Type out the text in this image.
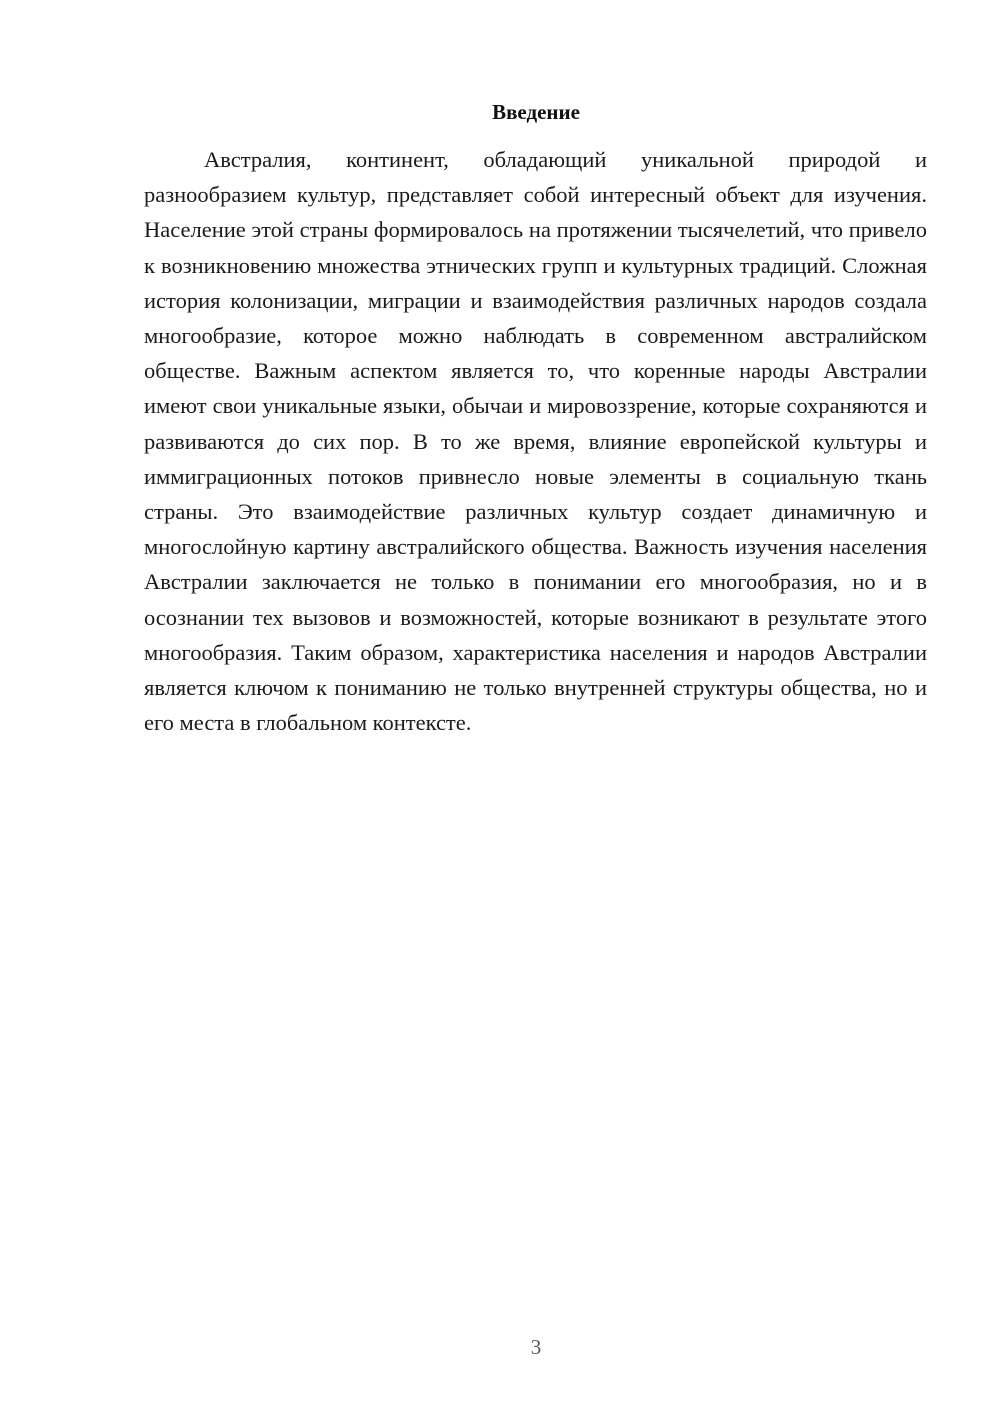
Введение

Австралия, континент, обладающий уникальной природой и разнообразием культур, представляет собой интересный объект для изучения. Население этой страны формировалось на протяжении тысячелетий, что привело к возникновению множества этнических групп и культурных традиций. Сложная история колонизации, миграции и взаимодействия различных народов создала многообразие, которое можно наблюдать в современном австралийском обществе. Важным аспектом является то, что коренные народы Австралии имеют свои уникальные языки, обычаи и мировоззрение, которые сохраняются и развиваются до сих пор. В то же время, влияние европейской культуры и иммиграционных потоков привнесло новые элементы в социальную ткань страны. Это взаимодействие различных культур создает динамичную и многослойную картину австралийского общества. Важность изучения населения Австралии заключается не только в понимании его многообразия, но и в осознании тех вызовов и возможностей, которые возникают в результате этого многообразия. Таким образом, характеристика населения и народов Австралии является ключом к пониманию не только внутренней структуры общества, но и его места в глобальном контексте.

3
